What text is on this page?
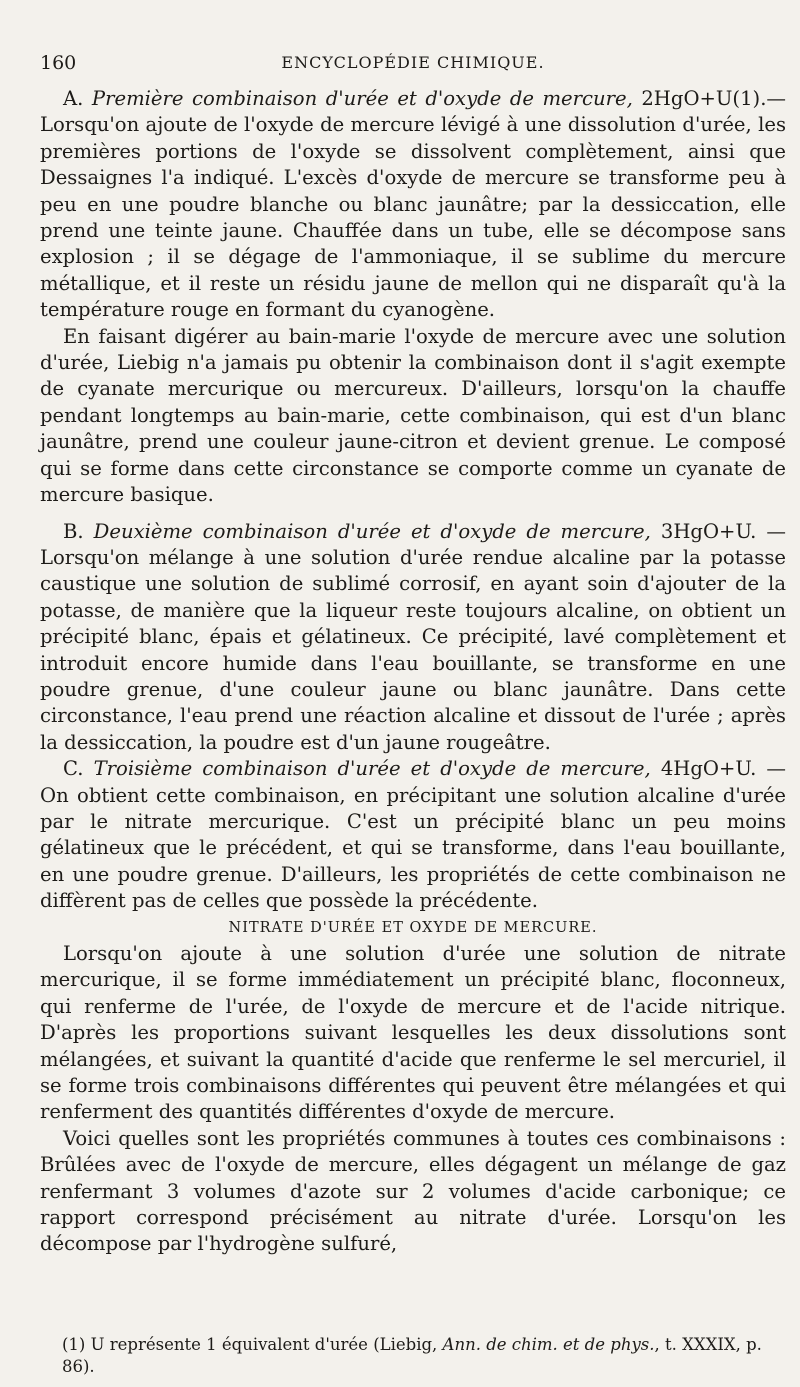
160	ENCYCLOPÉDIE CHIMIQUE.

A. Première combinaison d'urée et d'oxyde de mercure, 2HgO+U(1).— Lorsqu'on ajoute de l'oxyde de mercure lévigé à une dissolution d'urée, les premières portions de l'oxyde se dissolvent complètement, ainsi que Dessaignes l'a indiqué. L'excès d'oxyde de mercure se transforme peu à peu en une poudre blanche ou blanc jaunâtre; par la dessiccation, elle prend une teinte jaune. Chauffée dans un tube, elle se décompose sans explosion ; il se dégage de l'ammoniaque, il se sublime du mercure métallique, et il reste un résidu jaune de mellon qui ne disparaît qu'à la température rouge en formant du cyanogène.

En faisant digérer au bain-marie l'oxyde de mercure avec une solution d'urée, Liebig n'a jamais pu obtenir la combinaison dont il s'agit exempte de cyanate mercurique ou mercureux. D'ailleurs, lorsqu'on la chauffe pendant longtemps au bain-marie, cette combinaison, qui est d'un blanc jaunâtre, prend une couleur jaune-citron et devient grenue. Le composé qui se forme dans cette circonstance se comporte comme un cyanate de mercure basique.

B. Deuxième combinaison d'urée et d'oxyde de mercure, 3HgO+U. — Lorsqu'on mélange à une solution d'urée rendue alcaline par la potasse caustique une solution de sublimé corrosif, en ayant soin d'ajouter de la potasse, de manière que la liqueur reste toujours alcaline, on obtient un précipité blanc, épais et gélatineux. Ce précipité, lavé complètement et introduit encore humide dans l'eau bouillante, se transforme en une poudre grenue, d'une couleur jaune ou blanc jaunâtre. Dans cette circonstance, l'eau prend une réaction alcaline et dissout de l'urée ; après la dessiccation, la poudre est d'un jaune rougeâtre.

C. Troisième combinaison d'urée et d'oxyde de mercure, 4HgO+U. — On obtient cette combinaison, en précipitant une solution alcaline d'urée par le nitrate mercurique. C'est un précipité blanc un peu moins gélatineux que le précédent, et qui se transforme, dans l'eau bouillante, en une poudre grenue. D'ailleurs, les propriétés de cette combinaison ne diffèrent pas de celles que possède la précédente.

NITRATE D'URÉE ET OXYDE DE MERCURE.

Lorsqu'on ajoute à une solution d'urée une solution de nitrate mercurique, il se forme immédiatement un précipité blanc, floconneux, qui renferme de l'urée, de l'oxyde de mercure et de l'acide nitrique. D'après les proportions suivant lesquelles les deux dissolutions sont mélangées, et suivant la quantité d'acide que renferme le sel mercuriel, il se forme trois combinaisons différentes qui peuvent être mélangées et qui renferment des quantités différentes d'oxyde de mercure.

Voici quelles sont les propriétés communes à toutes ces combinaisons : Brûlées avec de l'oxyde de mercure, elles dégagent un mélange de gaz renfermant 3 volumes d'azote sur 2 volumes d'acide carbonique; ce rapport correspond précisément au nitrate d'urée. Lorsqu'on les décompose par l'hydrogène sulfuré,

(1) U représente 1 équivalent d'urée (Liebig, Ann. de chim. et de phys., t. XXXIX, p. 86).
